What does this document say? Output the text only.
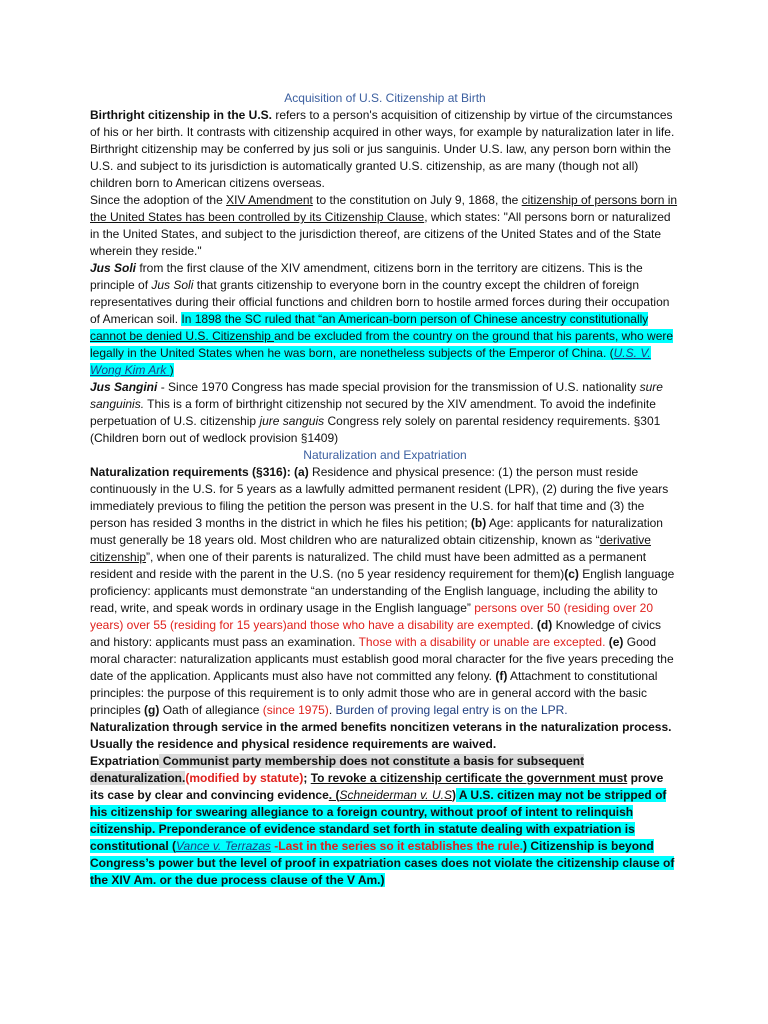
Acquisition of U.S. Citizenship at Birth

Birthright citizenship in the U.S. refers to a person's acquisition of citizenship by virtue of the circumstances of his or her birth. It contrasts with citizenship acquired in other ways, for example by naturalization later in life. Birthright citizenship may be conferred by jus soli or jus sanguinis. Under U.S. law, any person born within the U.S. and subject to its jurisdiction is automatically granted U.S. citizenship, as are many (though not all) children born to American citizens overseas.

Since the adoption of the XIV Amendment to the constitution on July 9, 1868, the citizenship of persons born in the United States has been controlled by its Citizenship Clause, which states: "All persons born or naturalized in the United States, and subject to the jurisdiction thereof, are citizens of the United States and of the State wherein they reside."

Jus Soli from the first clause of the XIV amendment, citizens born in the territory are citizens. This is the principle of Jus Soli that grants citizenship to everyone born in the country except the children of foreign representatives during their official functions and children born to hostile armed forces during their occupation of American soil. In 1898 the SC ruled that “an American-born person of Chinese ancestry constitutionally cannot be denied U.S. Citizenship and be excluded from the country on the ground that his parents, who were legally in the United States when he was born, are nonetheless subjects of the Emperor of China. (U.S. V. Wong Kim Ark )

Jus Sangini - Since 1970 Congress has made special provision for the transmission of U.S. nationality sure sanguinis. This is a form of birthright citizenship not secured by the XIV amendment. To avoid the indefinite perpetuation of U.S. citizenship jure sanguis Congress rely solely on parental residency requirements. §301 (Children born out of wedlock provision §1409)

Naturalization and Expatriation

Naturalization requirements (§316): (a) Residence and physical presence: (1) the person must reside continuously in the U.S. for 5 years as a lawfully admitted permanent resident (LPR), (2) during the five years immediately previous to filing the petition the person was present in the U.S. for half that time and (3) the person has resided 3 months in the district in which he files his petition; (b) Age: applicants for naturalization must generally be 18 years old. Most children who are naturalized obtain citizenship, known as “derivative citizenship”, when one of their parents is naturalized. The child must have been admitted as a permanent resident and reside with the parent in the U.S. (no 5 year residency requirement for them)(c) English language proficiency: applicants must demonstrate “an understanding of the English language, including the ability to read, write, and speak words in ordinary usage in the English language” persons over 50 (residing over 20 years) over 55 (residing for 15 years)and those who have a disability are exempted. (d) Knowledge of civics and history: applicants must pass an examination. Those with a disability or unable are excepted. (e) Good moral character: naturalization applicants must establish good moral character for the five years preceding the date of the application. Applicants must also have not committed any felony. (f) Attachment to constitutional principles: the purpose of this requirement is to only admit those who are in general accord with the basic principles (g) Oath of allegiance (since 1975). Burden of proving legal entry is on the LPR.

Naturalization through service in the armed benefits noncitizen veterans in the naturalization process. Usually the residence and physical residence requirements are waived.

Expatriation Communist party membership does not constitute a basis for subsequent denaturalization.(modified by statute); To revoke a citizenship certificate the government must prove its case by clear and convincing evidence. (Schneiderman v. U.S) A U.S. citizen may not be stripped of his citizenship for swearing allegiance to a foreign country, without proof of intent to relinquish citizenship. Preponderance of evidence standard set forth in statute dealing with expatriation is constitutional (Vance v. Terrazas -Last in the series so it establishes the rule.) Citizenship is beyond Congress’s power but the level of proof in expatriation cases does not violate the citizenship clause of the XIV Am. or the due process clause of the V Am.)
